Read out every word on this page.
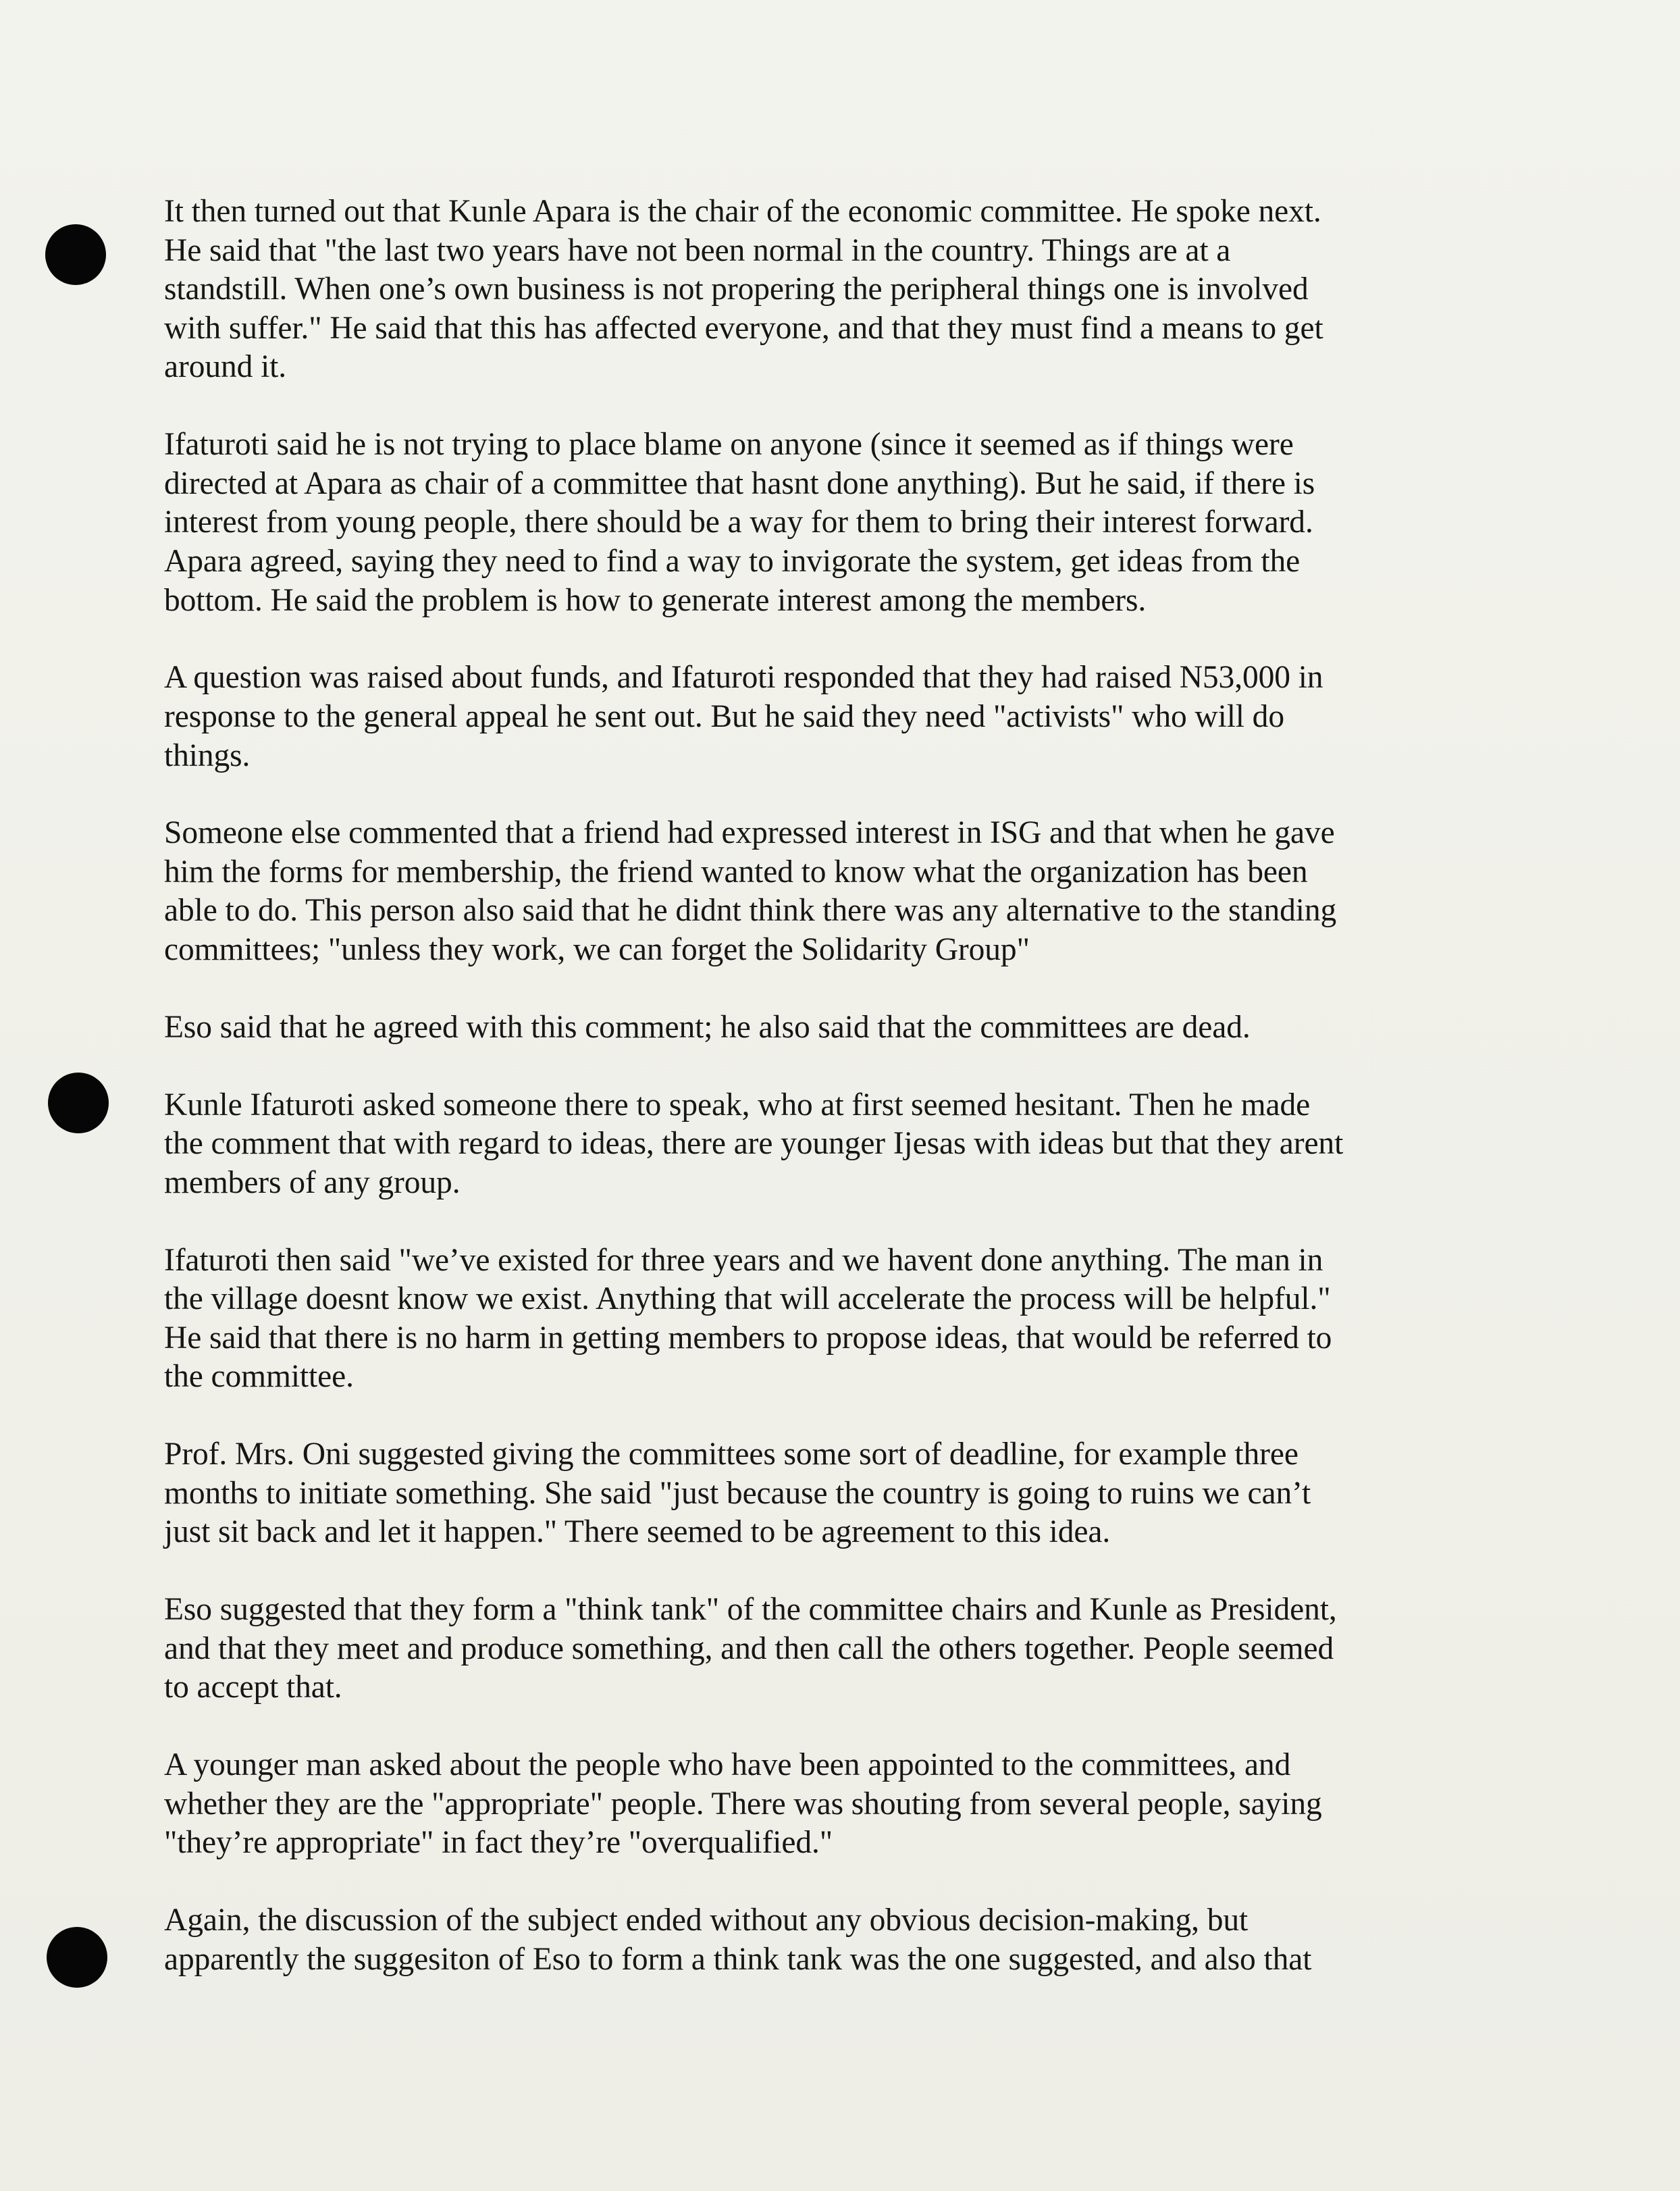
It then turned out that Kunle Apara is the chair of the economic committee. He spoke next.
He said that "the last two years have not been normal in the country. Things are at a
standstill. When one’s own business is not propering the peripheral things one is involved
with suffer." He said that this has affected everyone, and that they must find a means to get
around it.

Ifaturoti said he is not trying to place blame on anyone (since it seemed as if things were
directed at Apara as chair of a committee that hasnt done anything). But he said, if there is
interest from young people, there should be a way for them to bring their interest forward.
Apara agreed, saying they need to find a way to invigorate the system, get ideas from the
bottom. He said the problem is how to generate interest among the members.

A question was raised about funds, and Ifaturoti responded that they had raised N53,000 in
response to the general appeal he sent out. But he said they need "activists" who will do
things.

Someone else commented that a friend had expressed interest in ISG and that when he gave
him the forms for membership, the friend wanted to know what the organization has been
able to do. This person also said that he didnt think there was any alternative to the standing
committees; "unless they work, we can forget the Solidarity Group"

Eso said that he agreed with this comment; he also said that the committees are dead.

Kunle Ifaturoti asked someone there to speak, who at first seemed hesitant. Then he made
the comment that with regard to ideas, there are younger Ijesas with ideas but that they arent
members of any group.

Ifaturoti then said "we’ve existed for three years and we havent done anything. The man in
the village doesnt know we exist. Anything that will accelerate the process will be helpful."
He said that there is no harm in getting members to propose ideas, that would be referred to
the committee.

Prof. Mrs. Oni suggested giving the committees some sort of deadline, for example three
months to initiate something. She said "just because the country is going to ruins we can’t
just sit back and let it happen." There seemed to be agreement to this idea.

Eso suggested that they form a "think tank" of the committee chairs and Kunle as President,
and that they meet and produce something, and then call the others together. People seemed
to accept that.

A younger man asked about the people who have been appointed to the committees, and
whether they are the "appropriate" people. There was shouting from several people, saying
"they’re appropriate" in fact they’re "overqualified."

Again, the discussion of the subject ended without any obvious decision-making, but
apparently the suggesiton of Eso to form a think tank was the one suggested, and also that
